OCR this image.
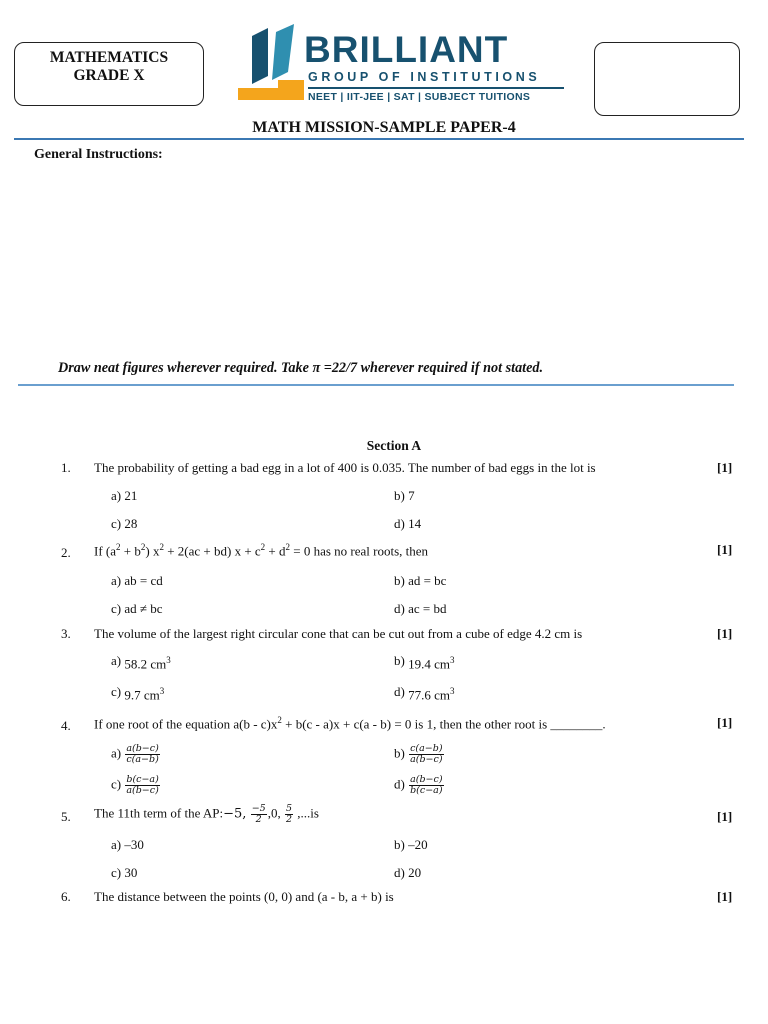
MATHEMATICS
GRADE X
BRILLIANT
GROUP OF INSTITUTIONS
NEET | IIT-JEE | SAT | SUBJECT TUITIONS
MATH MISSION-SAMPLE PAPER-4
General Instructions:
Draw neat figures wherever required. Take π =22/7 wherever required if not stated.
Section A
1. The probability of getting a bad egg in a lot of 400 is 0.035. The number of bad eggs in the lot is	[1]
a) 21	b) 7
c) 28	d) 14
2. If $(a^2 + b^2) x^2 + 2(ac + bd) x + c^2 + d^2 = 0$ has no real roots, then	[1]
a) ab = cd	b) ad = bc
c) ad ≠ bc	d) ac = bd
3. The volume of the largest right circular cone that can be cut out from a cube of edge 4.2 cm is	[1]
a) 58.2 $cm^3$	b) 19.4 $cm^3$
c) 9.7 $cm^3$	d) 77.6 $cm^3$
4. If one root of the equation $a(b - c)x^2 + b(c - a)x + c(a - b) = 0$ is 1, then the other root is ________.	[1]
$a) \frac{a(b-c)}{c(a-b)}$	$b) \frac{c(a-b)}{a(b-c)}$
$c) \frac{b(c-a)}{a(b-c)}$	$d) \frac{a(b-c)}{b(c-a)}$
5. The 11th term of the AP:−5, $\frac{-5}{2} ,0$, $\frac{5}{2} ,...is$	[1]
a) –30	b) –20
c) 30	d) 20
6. The distance between the points (0, 0) and (a - b, a + b) is	[1]
